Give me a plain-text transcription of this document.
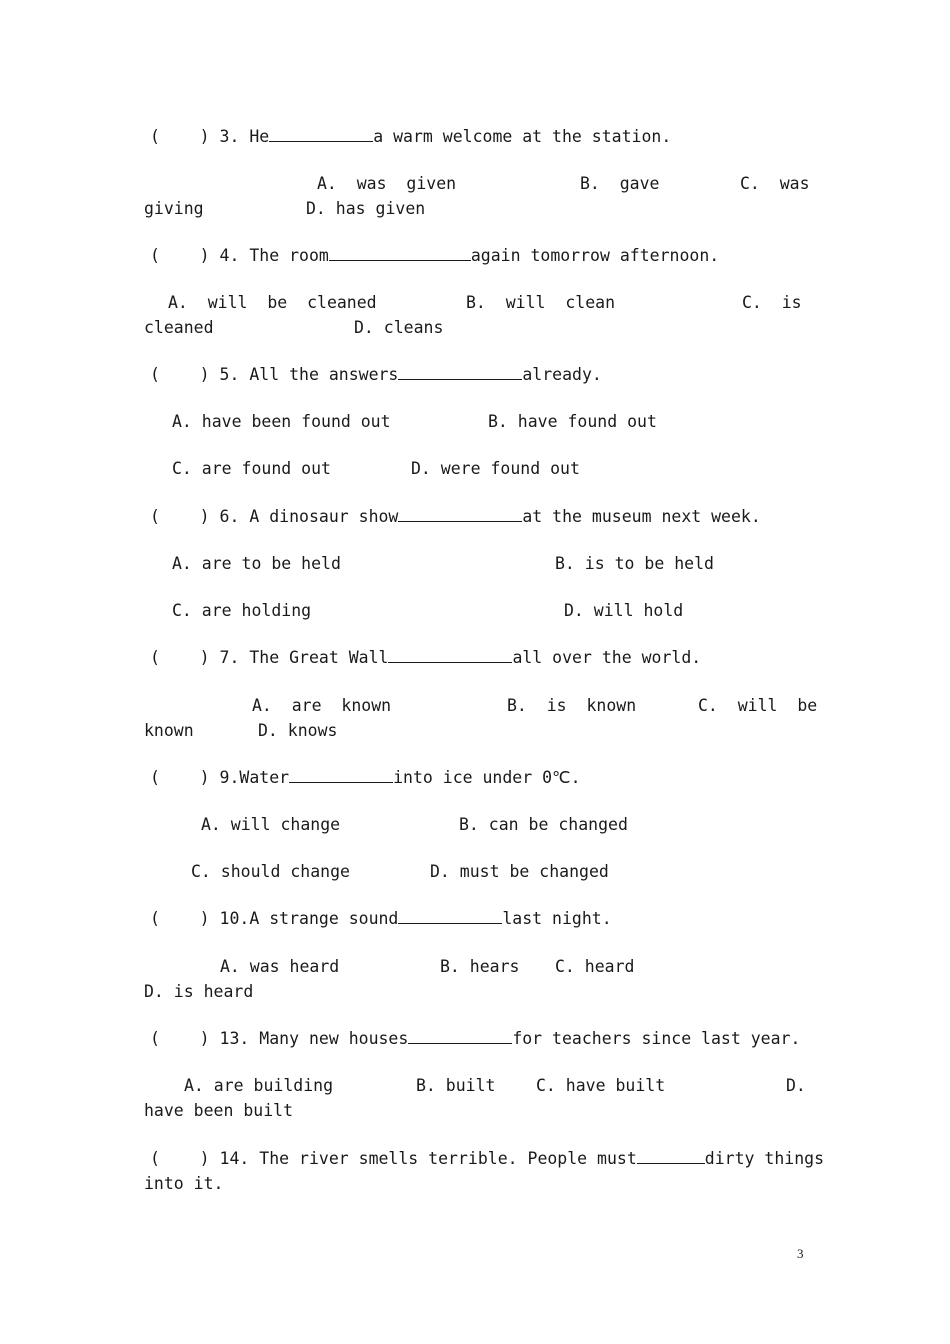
(    ) 3. He	a warm welcome at the station.
A.  was  given	B.  gave	C.  was
giving	D. has given
(    ) 4. The room	again tomorrow afternoon.
A.  will  be  cleaned	B.  will  clean	C.  is
cleaned	D. cleans
(    ) 5. All the answers	already.
A. have been found out	B. have found out
C. are found out	D. were found out
(    ) 6. A dinosaur show	at the museum next week.
A. are to be held	B. is to be held
C. are holding	D. will hold
(    ) 7. The Great Wall	all over the world.
A.  are  known	B.  is  known	C.  will  be
known	D. knows
(    ) 9.Water	into ice under 0℃.
A. will change	B. can be changed
C. should change	D. must be changed
(    ) 10.A strange sound	last night.
A. was heard	B. hears C. heard
D. is heard
(    ) 13. Many new houses	for teachers since last year.
A. are building	B. built C. have built	D.
have been built
(    ) 14. The river smells terrible. People must	dirty things
into it.
3
